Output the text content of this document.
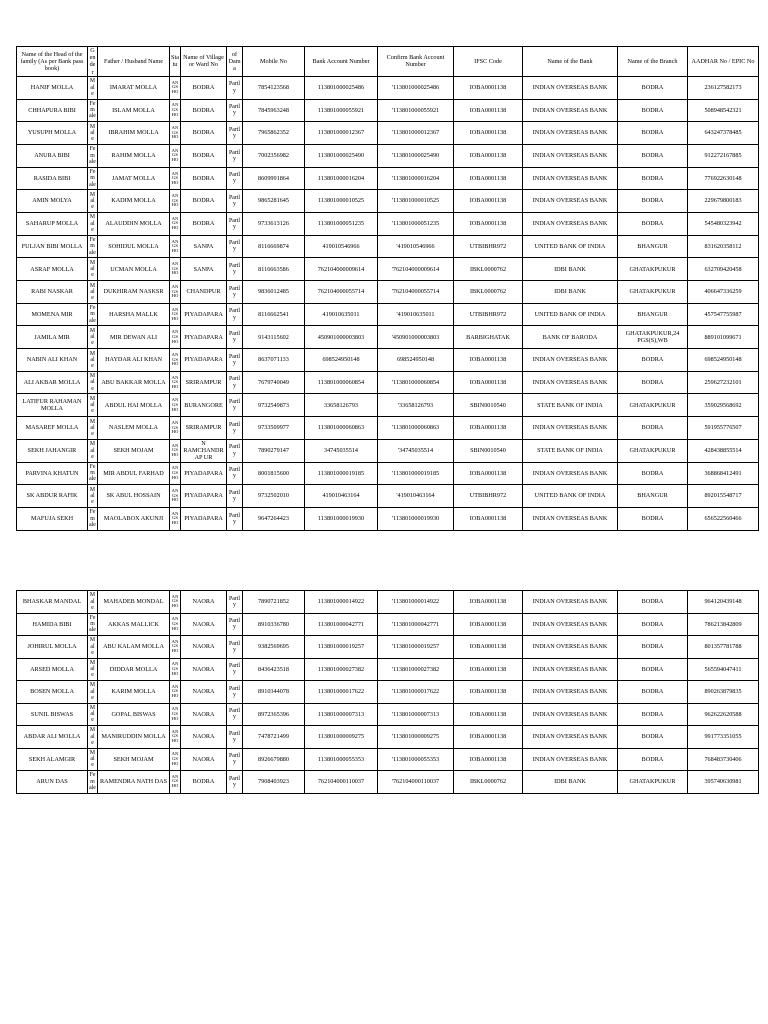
Name of the Head of the family (As per Bank pass book)	Gen der	Father / Husband Name	Sta tu	Name of Village or Ward No	of Dama	Mobile No	Bank Account Number	Confirm Bank Account Number	IFSC Code	Name of the Bank	Name of the Branch	AADHAR No / EPIC No
HANIF MOLLA	Mal e	IMARAT MOLLA	AN GS HO	BODRA	Partly	7854123568	113801000025486	'113801000025486	IOBA0001138	INDIAN OVERSEAS BANK	BODRA	236127582173
CHHAPURA BIBI	Fem ale	ISLAM MOLLA	AN GS HO	BODRA	Partly	7845963248	113801000055921	'113801000055921	IOBA0001138	INDIAN OVERSEAS BANK	BODRA	508948542321
YUSUPH MOLLA	Mal e	IBRAHIM MOLLA	AN GS HO	BODRA	Partly	7965862352	113801000012367	'113801000012367	IOBA0001138	INDIAN OVERSEAS BANK	BODRA	643247378485
ANURA BIBI	Fem ale	RAHIM MOLLA	AN GS HO	BODRA	Partly	7002356982	113801000025490	'113801000025490	IOBA0001138	INDIAN OVERSEAS BANK	BODRA	912272167885
RASIDA BIBI	Fem ale	JAMAT MOLLA	AN GS HO	BODRA	Partly	8609991864	113801000016204	'113801000016204	IOBA0001138	INDIAN OVERSEAS BANK	BODRA	776922630148
AMIN MOLYA	Mal e	KADIM MOLLA	AN GS HO	BODRA	Partly	9865281645	113801000010525	'113801000010525	IOBA0001138	INDIAN OVERSEAS BANK	BODRA	229679800183
SAHARUP MOLLA	Mal e	ALAUDDIN MOLLA	AN GS HO	BODRA	Partly	9733613126	113801000051235	'113801000051235	IOBA0001138	INDIAN OVERSEAS BANK	BODRA	545480323942
FULJAN BIBI MOLLA	Fem ale	SOHIDUL MOLLA	AN GS HO	SANPA	Partly	8116669874	419010546966	'419010546966	UTBIBHR972	UNITED BANK OF INDIA	BHANGUR	831620358112
ASRAF MOLLA	Mal e	UCMAN MOLLA	AN GS HO	SANPA	Partly	8116663586	762104000009614	'762104000009614	IBKL0000762	IDBI BANK	GHATAKPUKUR	632709420458
RABI NASKAR	Mal e	DUKHIRAM NASKSR	AN GS HO	CHANDPUR	Partly	9836012485	762104000055714	'762104000055714	IBKL0000762	IDBI BANK	GHATAKPUKUR	406647336259
MOMENA MIR	Fem ale	HARSHA MALLK	AN GS HO	PIYADAPARA	Partly	8116662541	419010635011	'419010635011	UTBIBHR972	UNITED BANK OF INDIA	BHANGUR	457547755987
JAMILA MIR	Mal e	MIR DEWAN ALI	AN GS HO	PIYADAPARA	Partly	9143115602	450901000003803	'450901000003803	BARBIGHATAK	BANK OF BARODA	GHATAKPUKUR,24 PGS(S),WB	889101099671
NABIN ALI KHAN	Mal e	HAYDAR ALI KHAN	AN GS HO	PIYADAPARA	Partly	8637071133	698524950148	698524950148	IOBA0001138	INDIAN OVERSEAS BANK	BODRA	698524950148
ALI AKBAR MOLLA	Mal e	ABU BAKKAR MOLLA	AN GS HO	SRIRAMPUR	Partly	7679740049	113801000060854	'113801000060854	IOBA0001138	INDIAN OVERSEAS BANK	BODRA	259627232101
LATIFUR RAHAMAN MOLLA	Mal e	ABDUL HAI MOLLA	AN GS HO	BURANGORE	Partly	9732549873	33658126793	'33658126793	SBIN0010540	STATE BANK OF INDIA	GHATAKPUKUR	359029568692
MASAREF MOLLA	Mal e	NASLEM MOLLA	AN GS HO	SRIRAMPUR	Partly	9733509977	113801000060863	'113801000060863	IOBA0001138	INDIAN OVERSEAS BANK	BODRA	591955776507
SEKH JAHANGIR	Mal e	SEKH MOJAM	AN GS HO	N RAMCHANDRAP UR	Partly	7890279147	34745035514	'34745035514	SBIN0010540	STATE BANK OF INDIA	GHATAKPUKUR	428438855514
PARVINA KHATUN	Fem ale	MIR ABDUL FARHAD	AN GS HO	PIYADAPARA	Partly	8001815600	113801000019185	'113801000019185	IOBA0001138	INDIAN OVERSEAS BANK	BODRA	368868412491
SK ABDUR RAFIK	Mal e	SK ABUL HOSSAIN	AN GS HO	PIYADAPARA	Partly	9732502010	419010463164	'419010463164	UTBIBHR972	UNITED BANK OF INDIA	BHANGUR	892015548717
MAFUJA SEKH	Fem ale	MAOLABOX AKUNJI	AN GS HO	PIYADAPARA	Partly	9647264423	113801000019930	'113801000019930	IOBA0001138	INDIAN OVERSEAS BANK	BODRA	656522560466
BHASKAR MANDAL	Mal e	MAHADEB MONDAL	AN GS HO	NAORA	Partly	7890721852	113801000014922	'113801000014922	IOBA0001138	INDIAN OVERSEAS BANK	BODRA	964120439148
HAMIDA BIBI	Fem ale	AKKAS MALLICK	AN GS HO	NAORA	Partly	8910336780	113801000042771	'113801000042771	IOBA0001138	INDIAN OVERSEAS BANK	BODRA	786213842809
JOHIRUL MOLLA	Mal e	ABU KALAM MOLLA	AN GS HO	NAORA	Partly	9382569695	113801000019257	'113801000019257	IOBA0001138	INDIAN OVERSEAS BANK	BODRA	801357781788
ARSED MOLLA	Mal e	DIDDAR MOLLA	AN GS HO	NAORA	Partly	8436423518	113801000027382	'113801000027382	IOBA0001138	INDIAN OVERSEAS BANK	BODRA	565594047411
BOSEN MOLLA	Mal e	KARIM MOLLA	AN GS HO	NAORA	Partly	8910344078	113801000017622	'113801000017622	IOBA0001138	INDIAN OVERSEAS BANK	BODRA	890263879835
SUNIL BISWAS	Mal e	GOPAL BISWAS	AN GS HO	NAORA	Partly	8972365396	113801000007313	'113801000007313	IOBA0001138	INDIAN OVERSEAS BANK	BODRA	962622620588
ABDAR ALI MOLLA	Mal e	MANIRUDDIN MOLLA	AN GS HO	NAORA	Partly	7478721499	113801000009275	'113801000009275	IOBA0001138	INDIAN OVERSEAS BANK	BODRA	991773351055
SEKH ALAMGIR	Mal e	SEKH MOJAM	AN GS HO	NAORA	Partly	8926679880	113801000055353	'113801000055353	IOBA0001138	INDIAN OVERSEAS BANK	BODRA	768483730406
ARUN DAS	Fem ale	RAMENDRA NATH DAS	AN GS HO	BODRA	Partly	7908403923	762104000110037	'762104000110037	IBKL0000762	IDBI BANK	GHATAKPUKUR	395740630981
